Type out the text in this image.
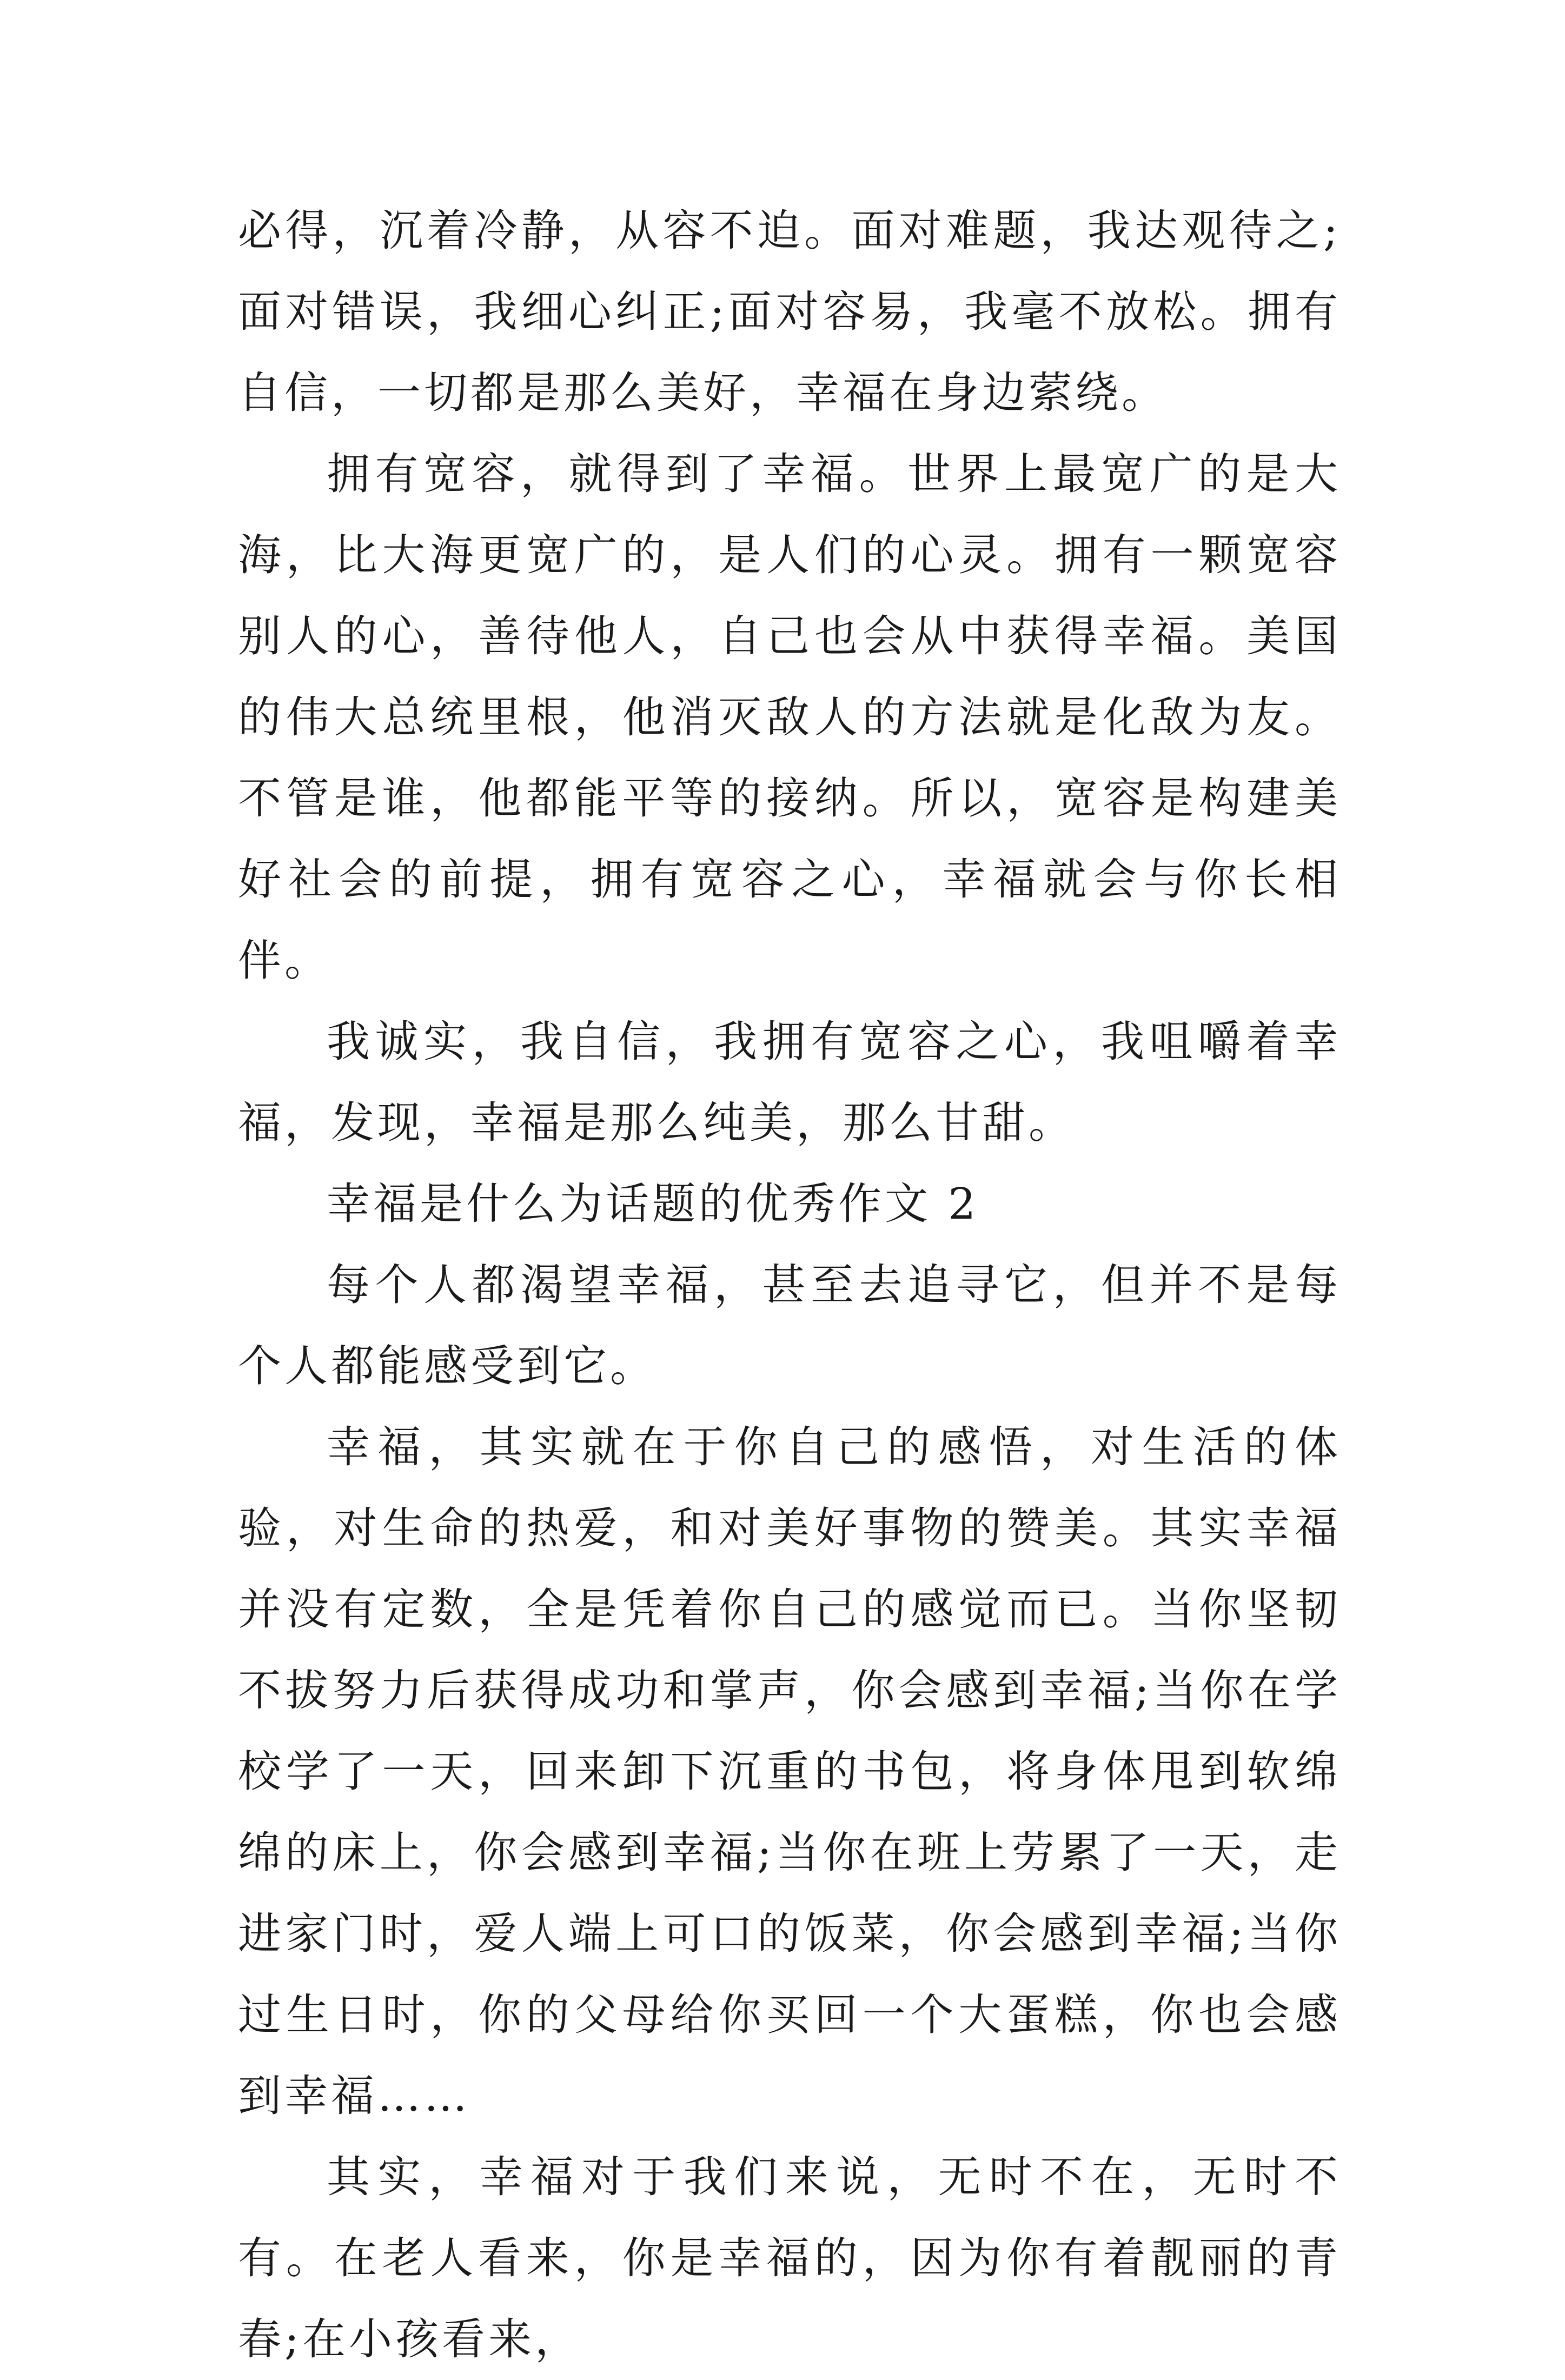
必得，沉着冷静，从容不迫。面对难题，我达观待之;面对错误，我细心纠正;面对容易，我毫不放松。拥有自信，一切都是那么美好，幸福在身边萦绕。

拥有宽容，就得到了幸福。世界上最宽广的是大海，比大海更宽广的，是人们的心灵。拥有一颗宽容别人的心，善待他人，自己也会从中获得幸福。美国的伟大总统里根，他消灭敌人的方法就是化敌为友。不管是谁，他都能平等的接纳。所以，宽容是构建美好社会的前提，拥有宽容之心，幸福就会与你长相伴。

我诚实，我自信，我拥有宽容之心，我咀嚼着幸福，发现，幸福是那么纯美，那么甘甜。

幸福是什么为话题的优秀作文 2

每个人都渴望幸福，甚至去追寻它，但并不是每个人都能感受到它。

幸福，其实就在于你自己的感悟，对生活的体验，对生命的热爱，和对美好事物的赞美。其实幸福并没有定数，全是凭着你自己的感觉而已。当你坚韧不拔努力后获得成功和掌声，你会感到幸福;当你在学校学了一天，回来卸下沉重的书包，将身体甩到软绵绵的床上，你会感到幸福;当你在班上劳累了一天，走进家门时，爱人端上可口的饭菜，你会感到幸福;当你过生日时，你的父母给你买回一个大蛋糕，你也会感到幸福……

其实，幸福对于我们来说，无时不在，无时不有。在老人看来，你是幸福的，因为你有着靓丽的青春;在小孩看来，
